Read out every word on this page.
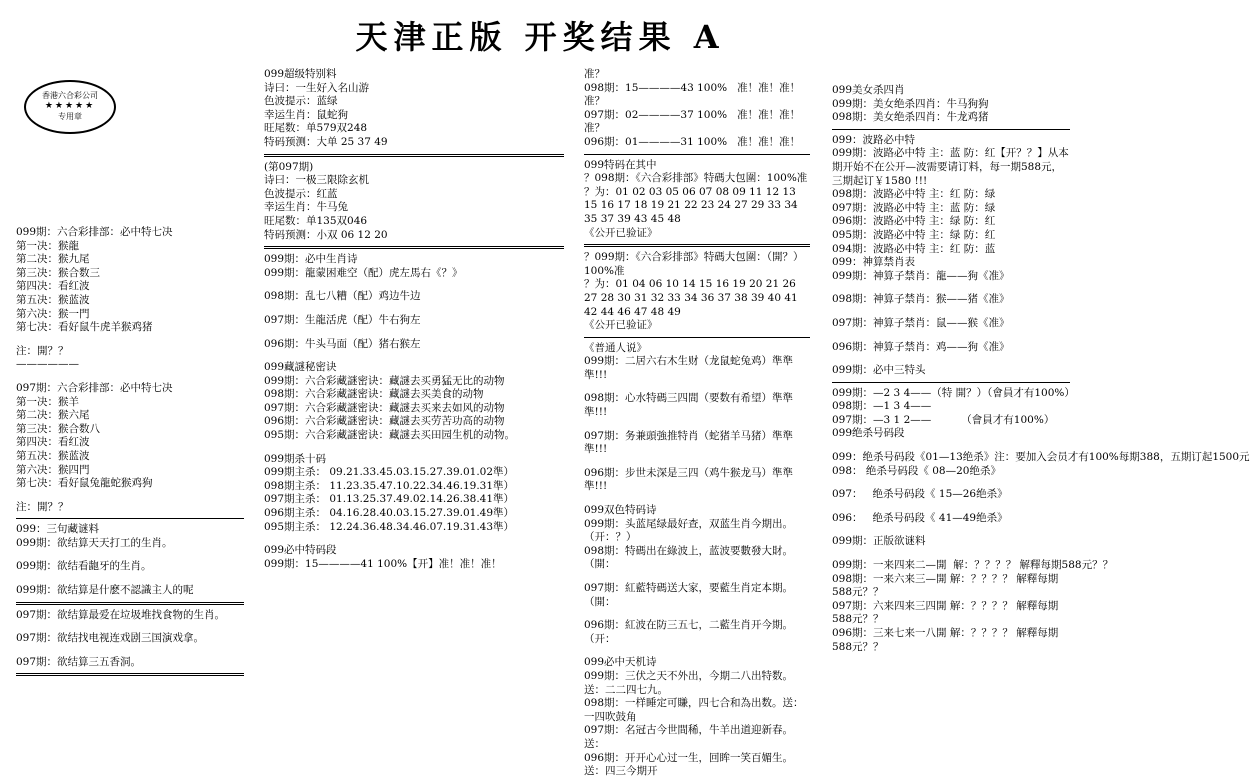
天津正版 开奖结果 A
香港六合彩公司
★★★★★
专用章
099期：六合彩排部：必中特七决
第一决：猴龍
第二决：猴九尾
第三决：猴合数三
第四决：看红波
第五决：猴蓝波
第六决：猴一門
第七决：看好鼠牛虎羊猴鸡猪
注：開？？
——————
097期：六合彩排部：必中特七决
第一决：猴羊
第二决：猴六尾
第三决：猴合数八
第四决：看红波
第五决：猴蓝波
第六决：猴四門
第七决：看好鼠兔龍蛇猴鸡狗
注：開？？
099：三句藏谜料
099期：欲结算天天打工的生肖。
099期：欲结看龅牙的生肖。
099期：欲结算是什麽不認識主人的呢
097期：欲结算最爱在垃圾堆找食物的生肖。
097期：欲结找电视连戏剧三国演戏拿。
097期：欲结算三五香洞。
099超级特别料
诗曰：一生好入名山游
色波提示：蓝绿
幸运生肖：鼠蛇狗
旺尾数：单579双248
特码预测：大单 25 37 49
(第097期)
诗曰：一极三限除玄机
色波提示：红蓝
幸运生肖：牛马兔
旺尾数：单135双046
特码预测：小双 06 12 20
099期：必中生肖诗
099期：龍蒙困难空（配）虎左馬右《？》
098期：乱七八糟（配）鸡边牛边
097期：生龍活虎（配）牛右狗左
096期：牛头马面（配）猪右猴左
099藏謎秘密诀
099期：六合彩藏謎密诀：藏謎去买勇猛无比的动物
098期：六合彩藏謎密诀：藏謎去买美食的动物
097期：六合彩藏謎密诀：藏謎去买来去如风的动物
096期：六合彩藏謎密诀：藏謎去买劳苦功高的动物
095期：六合彩藏謎密诀：藏謎去买田园生机的动物。
099期杀十码
099期主杀： 09.21.33.45.03.15.27.39.01.02準）
098期主杀： 11.23.35.47.10.22.34.46.19.31準）
097期主杀： 01.13.25.37.49.02.14.26.38.41準）
096期主杀： 04.16.28.40.03.15.27.39.01.49準）
095期主杀： 12.24.36.48.34.46.07.19.31.43準）
099必中特码段
099期：15————41 100%【开】准！准！准！
准？
098期：15————43 100%   准！准！准！
准？
097期：02————37 100%   准！准！准！
准？
096期：01————31 100%   准！准！准！
099特码在其中
？098期：《六合彩排部》特碼大包圍：100%准
？为：01 02 03 05 06 07 08 09 11 12 13 15 16 17 18 19 21 22 23 24 27 29 33 34 35 37 39 43 45 48
《公开已验证》
？099期：《六合彩排部》特碼大包圍：（開？）100%准
？为：01 04 06 10 14 15 16 19 20 21 26 27 28 30 31 32 33 34 36 37 38 39 40 41 42 44 46 47 48 49
《公开已验证》
《普通人说》
099期：二居六右木生财（龙鼠蛇兔鸡）準準準!!!
098期：心水特碼三四間（要数有希望）準準準!!!
097期：务兼頭強推特肖（蛇猪羊马猪）準準準!!!
096期：步世未深是三四（鸡牛猴龙马）準準準!!!
099双色特码诗
099期：头蓝尾绿最好查，双蓝生肖今期出。（开：？）
098期：特碼出在綠波上，蓝波要數發大財。（開：
097期：紅藍特碼送大家，要藍生肖定本期。（開：
096期：紅波在防三五七，二藍生肖开今期。（开：
099必中天机诗
099期：三伏之天不外出，今期二八出特数。送：二二四七九。
098期：一样睡定可賺，四七合和為出数。送：一四吹鼓角
097期：名冠古今世間稀，牛羊出道迎新春。送：
096期：开开心心过一生，回眸一笑百媚生。送：四三今期开
099美女杀四肖
099期：美女绝杀四肖：牛马狗狗
098期：美女绝杀四肖：牛龙鸡猪
099：波路必中特
099期：波路必中特 主：蓝 防：红【开？？】从本期开始不在公开—波需要请订料，每一期588元，三期起订￥1580 !!!
098期：波路必中特 主：红 防：绿
097期：波路必中特 主：蓝 防：绿
096期：波路必中特 主：绿 防：红
095期：波路必中特 主：绿 防：红
094期：波路必中特 主：红 防：蓝
099：神算禁肖表
099期：神算子禁肖：龍——狗《准》
098期：神算子禁肖：猴——猪《准》
097期：神算子禁肖：鼠——猴《准》
096期：神算子禁肖：鸡——狗《准》
099期：必中三特头
099期：—2 3 4——（特 開？）（會員才有100%）
098期：—1 3 4——
097期：—3 1 2——         （會員才有100%）
099绝杀号码段
099：绝杀号码段《01—13绝杀》注：要加入会员才有100%每期388，五期订起1500元
098： 绝杀号码段《 08—20绝杀》
097：   绝杀号码段《 15—26绝杀》
096：   绝杀号码段《 41—49绝杀》
099期：正版欲谜料
099期：一来四来二—開  解：？？？？ 解釋每期588元？？
098期：一来六来三—開 解：？？？？ 解釋每期588元？？
097期：六来四来三四開 解：？？？？ 解釋每期588元？？
096期：三来七来一八開 解：？？？？ 解釋每期588元？？
